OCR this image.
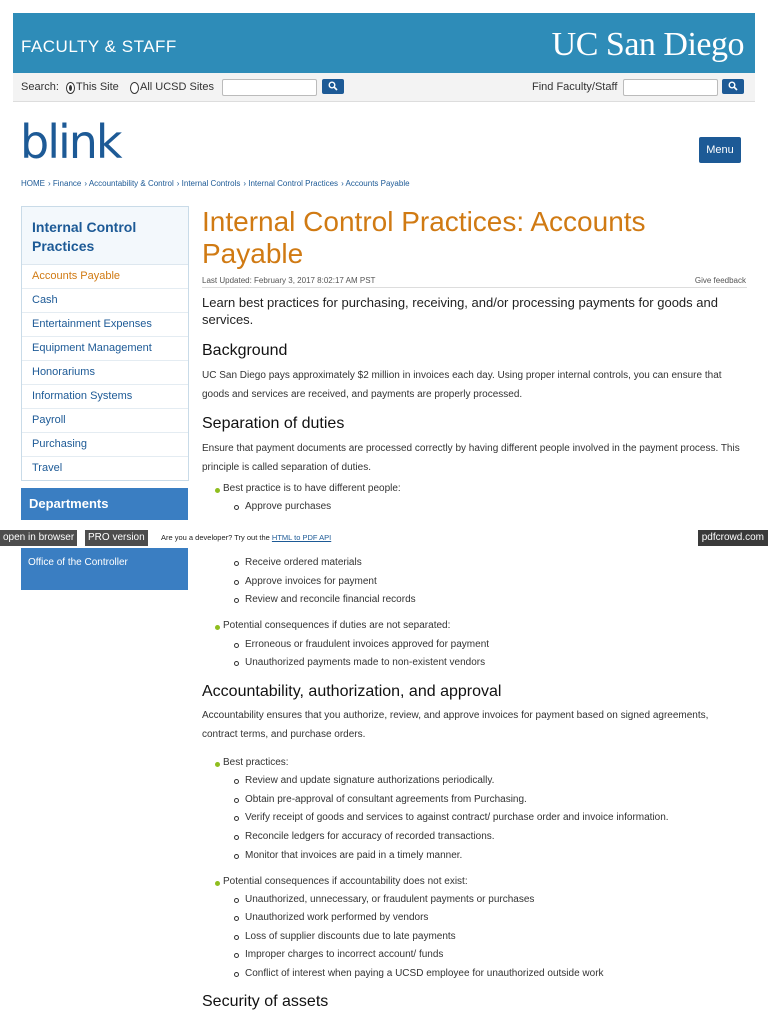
FACULTY & STAFF	UC San Diego
Search: This Site All UCSD Sites	Find Faculty/Staff
blink	Menu
HOME › Finance › Accountability & Control › Internal Controls › Internal Control Practices › Accounts Payable
Internal Control Practices
Accounts Payable
Cash
Entertainment Expenses
Equipment Management
Honorariums
Information Systems
Payroll
Purchasing
Travel
Departments
Office of the Controller
open in browser	PRO version	Are you a developer? Try out the HTML to PDF API	pdfcrowd.com
Internal Control Practices: Accounts Payable
Last Updated: February 3, 2017 8:02:17 AM PST	Give feedback
Learn best practices for purchasing, receiving, and/or processing payments for goods and services.
Background
UC San Diego pays approximately $2 million in invoices each day. Using proper internal controls, you can ensure that goods and services are received, and payments are properly processed.
Separation of duties
Ensure that payment documents are processed correctly by having different people involved in the payment process. This principle is called separation of duties.
Best practice is to have different people:
Approve purchases
Receive ordered materials
Approve invoices for payment
Review and reconcile financial records
Potential consequences if duties are not separated:
Erroneous or fraudulent invoices approved for payment
Unauthorized payments made to non-existent vendors
Accountability, authorization, and approval
Accountability ensures that you authorize, review, and approve invoices for payment based on signed agreements, contract terms, and purchase orders.
Best practices:
Review and update signature authorizations periodically.
Obtain pre-approval of consultant agreements from Purchasing.
Verify receipt of goods and services to against contract/ purchase order and invoice information.
Reconcile ledgers for accuracy of recorded transactions.
Monitor that invoices are paid in a timely manner.
Potential consequences if accountability does not exist:
Unauthorized, unnecessary, or fraudulent payments or purchases
Unauthorized work performed by vendors
Loss of supplier discounts due to late payments
Improper charges to incorrect account/ funds
Conflict of interest when paying a UCSD employee for unauthorized outside work
Security of assets
